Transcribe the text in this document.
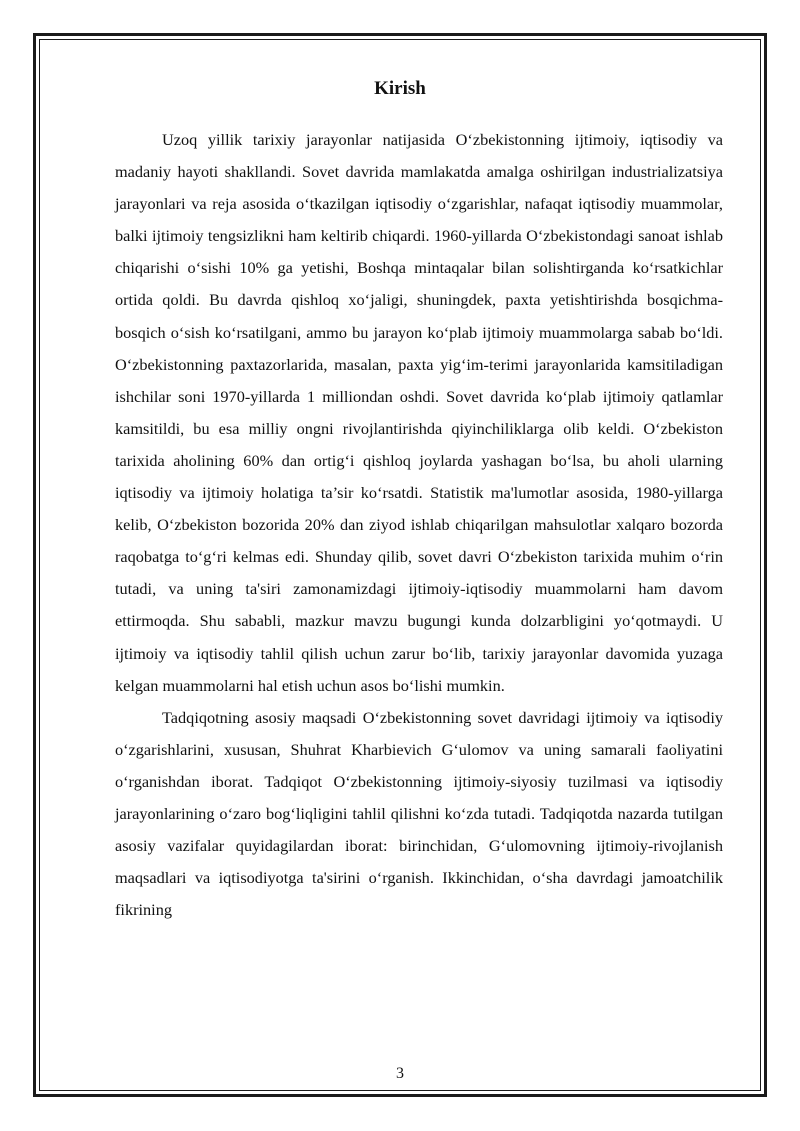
Kirish

Uzoq yillik tarixiy jarayonlar natijasida O‘zbekistonning ijtimoiy, iqtisodiy va madaniy hayoti shakllandi. Sovet davrida mamlakatda amalga oshirilgan industrializatsiya jarayonlari va reja asosida o‘tkazilgan iqtisodiy o‘zgarishlar, nafaqat iqtisodiy muammolar, balki ijtimoiy tengsizlikni ham keltirib chiqardi. 1960-yillarda O‘zbekistondagi sanoat ishlab chiqarishi o‘sishi 10% ga yetishi, Boshqa mintaqalar bilan solishtirganda ko‘rsatkichlar ortida qoldi. Bu davrda qishloq xo‘jaligi, shuningdek, paxta yetishtirishda bosqichma-bosqich o‘sish ko‘rsatilgani, ammo bu jarayon ko‘plab ijtimoiy muammolarga sabab bo‘ldi. O‘zbekistonning paxtazorlarida, masalan, paxta yig‘im-terimi jarayonlarida kamsitiladigan ishchilar soni 1970-yillarda 1 milliondan oshdi. Sovet davrida ko‘plab ijtimoiy qatlamlar kamsitildi, bu esa milliy ongni rivojlantirishda qiyinchiliklarga olib keldi. O‘zbekiston tarixida aholining 60% dan ortig‘i qishloq joylarda yashagan bo‘lsa, bu aholi ularning iqtisodiy va ijtimoiy holatiga ta’sir ko‘rsatdi. Statistik ma'lumotlar asosida, 1980-yillarga kelib, O‘zbekiston bozorida 20% dan ziyod ishlab chiqarilgan mahsulotlar xalqaro bozorda raqobatga to‘g‘ri kelmas edi. Shunday qilib, sovet davri O‘zbekiston tarixida muhim o‘rin tutadi, va uning ta'siri zamonamizdagi ijtimoiy-iqtisodiy muammolarni ham davom ettirmoqda. Shu sababli, mazkur mavzu bugungi kunda dolzarbligini yo‘qotmaydi. U ijtimoiy va iqtisodiy tahlil qilish uchun zarur bo‘lib, tarixiy jarayonlar davomida yuzaga kelgan muammolarni hal etish uchun asos bo‘lishi mumkin.

Tadqiqotning asosiy maqsadi O‘zbekistonning sovet davridagi ijtimoiy va iqtisodiy o‘zgarishlarini, xususan, Shuhrat Kharbievich G‘ulomov va uning samarali faoliyatini o‘rganishdan iborat. Tadqiqot O‘zbekistonning ijtimoiy-siyosiy tuzilmasi va iqtisodiy jarayonlarining o‘zaro bog‘liqligini tahlil qilishni ko‘zda tutadi. Tadqiqotda nazarda tutilgan asosiy vazifalar quyidagilardan iborat: birinchidan, G‘ulomovning ijtimoiy-rivojlanish maqsadlari va iqtisodiyotga ta'sirini o‘rganish. Ikkinchidan, o‘sha davrdagi jamoatchilik fikrining

3
